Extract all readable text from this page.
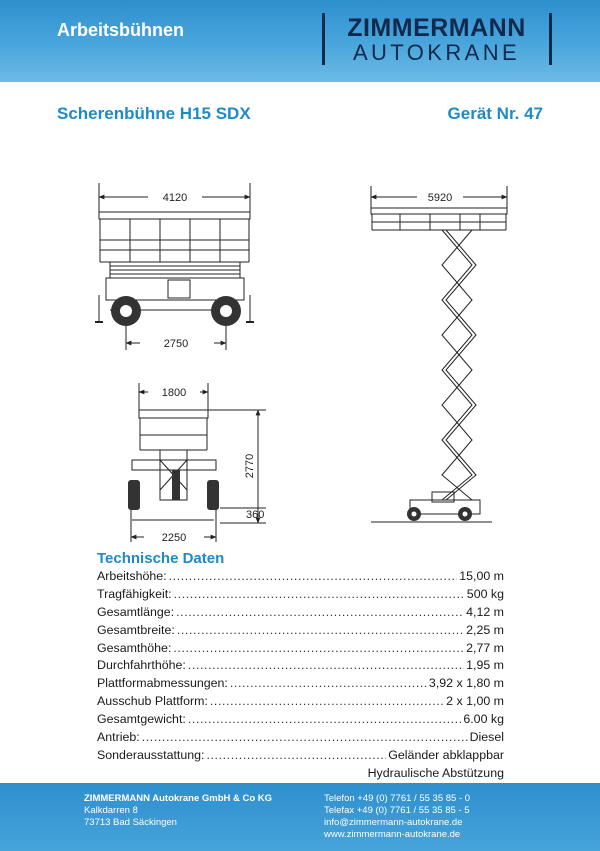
Arbeitsbühnen	ZIMMERMANN
AUTOKRANE
Scherenbühne H15 SDX	Gerät Nr. 47
4120
2750
1800
2250
2770
360
5920
Technische Daten
Arbeitshöhe: .....	15,00 m
Tragfähigkeit: .....	500 kg
Gesamtlänge: .....	4,12 m
Gesamtbreite: .....	2,25 m
Gesamthöhe: .....	2,77 m
Durchfahrthöhe: .....	1,95 m
Plattformabmessungen: .....	3,92 x 1,80 m
Ausschub Plattform: .....	2 x 1,00 m
Gesamtgewicht: .....	6.00 kg
Antrieb: .....	Diesel
Sonderausstattung: .....	Geländer abklappbar
Hydraulische Abstützung
ZIMMERMANN Autokrane GmbH & Co KG
Kalkdarren 8
73713 Bad Säckingen
Telefon +49 (0) 7761 / 55 35 85 - 0
Telefax +49 (0) 7761 / 55 35 85 - 5
info@zimmermann-autokrane.de
www.zimmermann-autokrane.de
